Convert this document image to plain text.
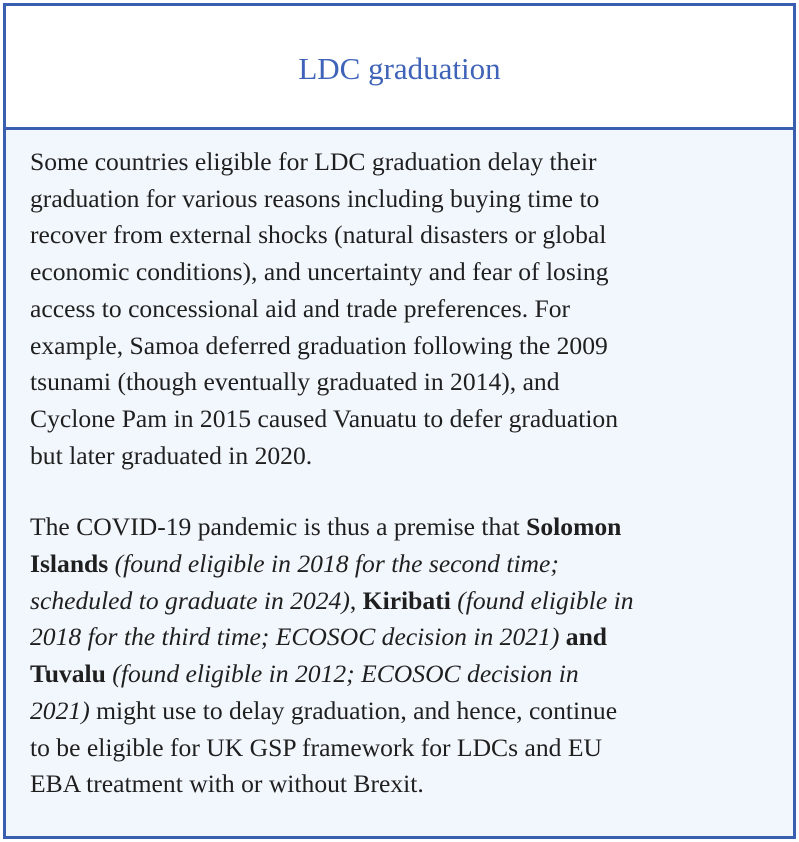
LDC graduation

Some countries eligible for LDC graduation delay their
graduation for various reasons including buying time to
recover from external shocks (natural disasters or global
economic conditions), and uncertainty and fear of losing
access to concessional aid and trade preferences. For
example, Samoa deferred graduation following the 2009
tsunami (though eventually graduated in 2014), and
Cyclone Pam in 2015 caused Vanuatu to defer graduation
but later graduated in 2020.

The COVID-19 pandemic is thus a premise that Solomon
Islands (found eligible in 2018 for the second time;
scheduled to graduate in 2024), Kiribati (found eligible in
2018 for the third time; ECOSOC decision in 2021) and
Tuvalu (found eligible in 2012; ECOSOC decision in
2021) might use to delay graduation, and hence, continue
to be eligible for UK GSP framework for LDCs and EU
EBA treatment with or without Brexit.
